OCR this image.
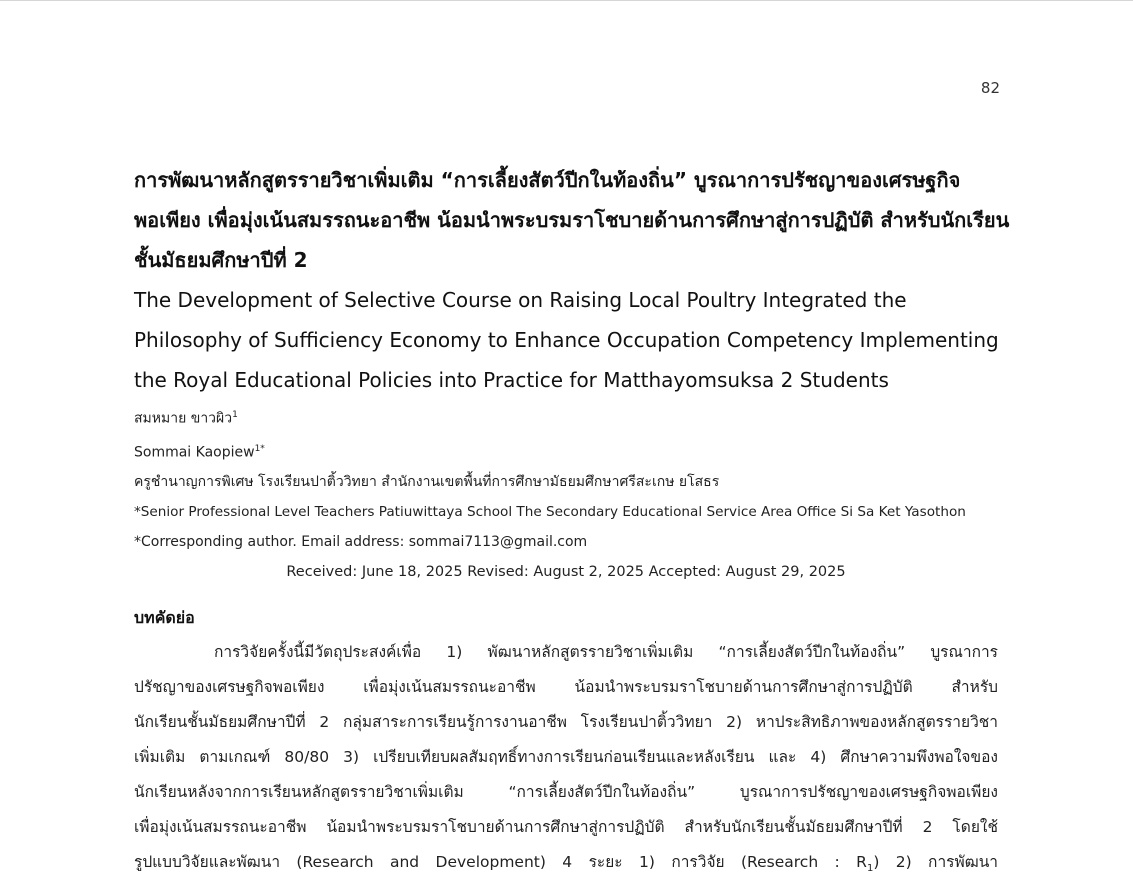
82
การพัฒนาหลักสูตรรายวิชาเพิ่มเติม “การเลี้ยงสัตว์ปีกในท้องถิ่น” บูรณาการปรัชญาของเศรษฐกิจ
พอเพียง เพื่อมุ่งเน้นสมรรถนะอาชีพ น้อมนำพระบรมราโชบายด้านการศึกษาสู่การปฏิบัติ สำหรับนักเรียน
ชั้นมัธยมศึกษาปีที่ 2
The Development of Selective Course on Raising Local Poultry Integrated the
Philosophy of Sufficiency Economy to Enhance Occupation Competency Implementing
the Royal Educational Policies into Practice for Matthayomsuksa 2 Students

สมหมาย ขาวผิว$^1$

Sommai Kaopiew$^{1*}$

ครูชำนาญการพิเศษ โรงเรียนปาติ้ววิทยา สำนักงานเขตพื้นที่การศึกษามัธยมศึกษาศรีสะเกษ ยโสธร

*Senior Professional Level Teachers Patiuwittaya School The Secondary Educational Service Area Office Si Sa Ket Yasothon

*Corresponding author. Email address: sommai7113@gmail.com

Received: June 18, 2025 Revised: August 2, 2025 Accepted: August 29, 2025

บทคัดย่อ
การวิจัยครั้งนี้มีวัตถุประสงค์เพื่อ 1) พัฒนาหลักสูตรรายวิชาเพิ่มเติม “การเลี้ยงสัตว์ปีกในท้องถิ่น” บูรณาการ
ปรัชญาของเศรษฐกิจพอเพียง เพื่อมุ่งเน้นสมรรถนะอาชีพ น้อมนำพระบรมราโชบายด้านการศึกษาสู่การปฏิบัติ สำหรับ
นักเรียนชั้นมัธยมศึกษาปีที่ 2 กลุ่มสาระการเรียนรู้การงานอาชีพ โรงเรียนปาติ้ววิทยา 2) หาประสิทธิภาพของหลักสูตรรายวิชา
เพิ่มเติม ตามเกณฑ์ 80/80 3) เปรียบเทียบผลสัมฤทธิ์ทางการเรียนก่อนเรียนและหลังเรียน และ 4) ศึกษาความพึงพอใจของ
นักเรียนหลังจากการเรียนหลักสูตรรายวิชาเพิ่มเติม “การเลี้ยงสัตว์ปีกในท้องถิ่น” บูรณาการปรัชญาของเศรษฐกิจพอเพียง
เพื่อมุ่งเน้นสมรรถนะอาชีพ น้อมนำพระบรมราโชบายด้านการศึกษาสู่การปฏิบัติ สำหรับนักเรียนชั้นมัธยมศึกษาปีที่ 2 โดยใช้
รูปแบบวิจัยและพัฒนา (Research and Development) 4 ระยะ 1) การวิจัย (Research : $R_1$) 2) การพัฒนา
